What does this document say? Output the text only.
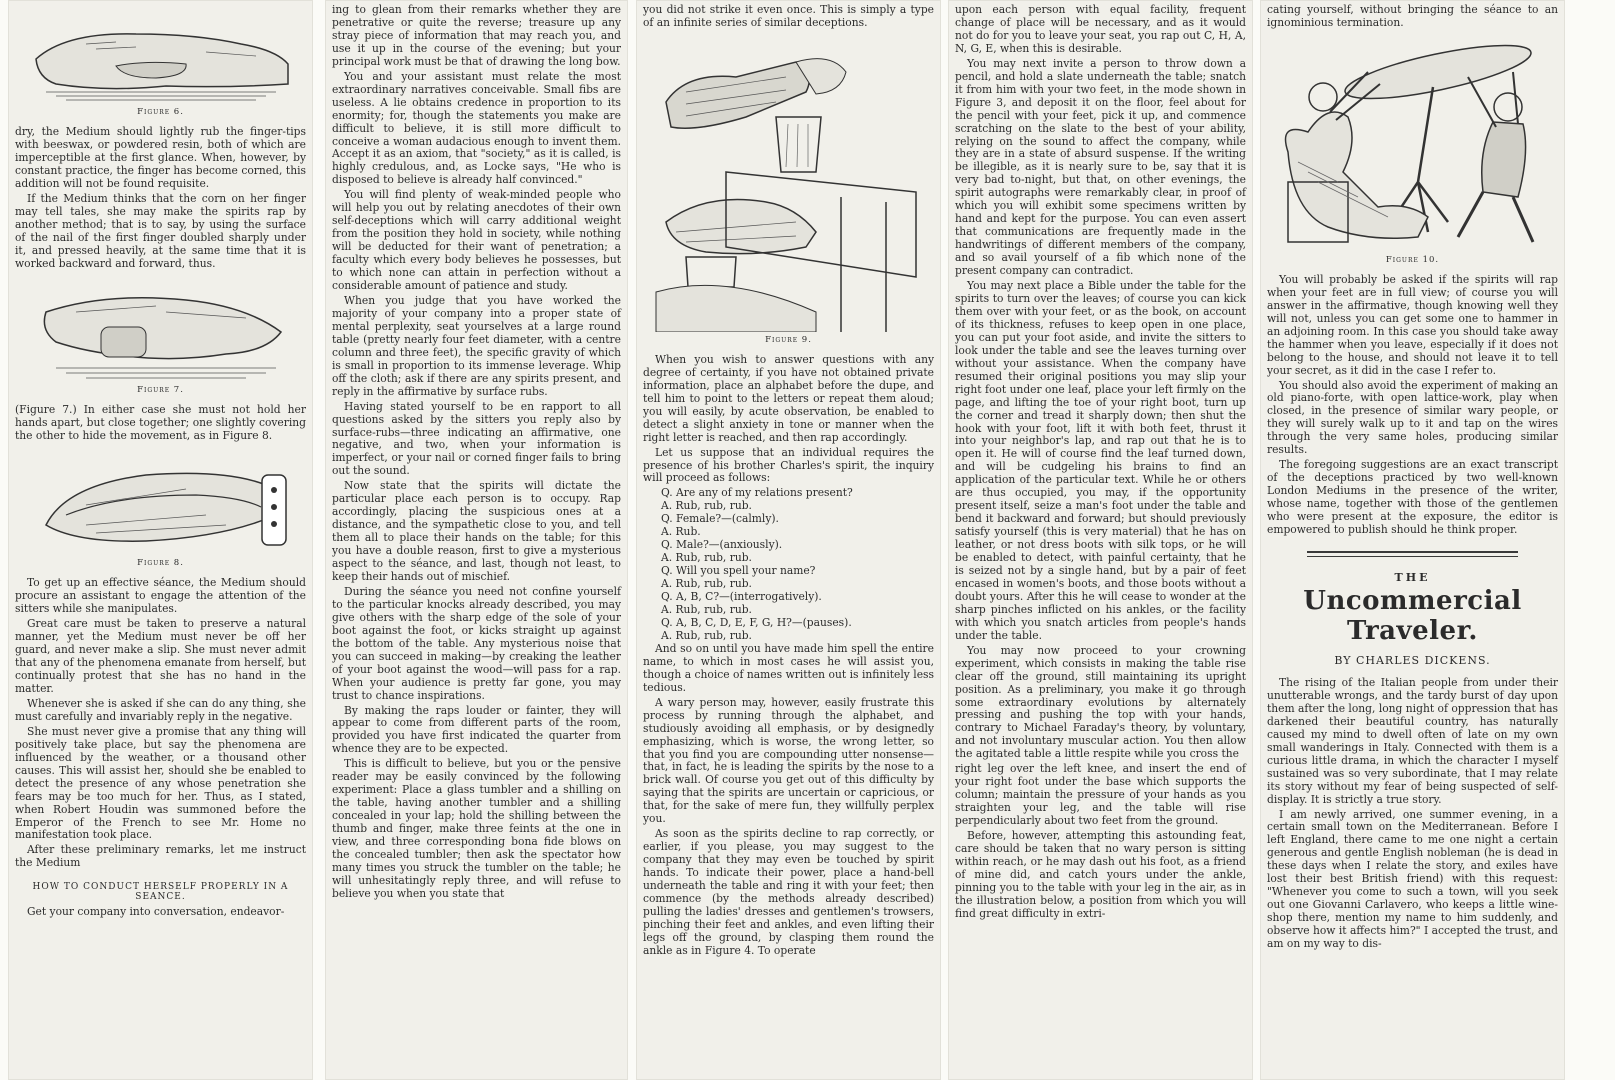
Figure 6.

dry, the Medium should lightly rub the finger-tips with beeswax, or powdered resin, both of which are imperceptible at the first glance. When, however, by constant practice, the finger has become corned, this addition will not be found requisite.

If the Medium thinks that the corn on her finger may tell tales, she may make the spirits rap by another method; that is to say, by using the surface of the nail of the first finger doubled sharply under it, and pressed heavily, at the same time that it is worked backward and forward, thus.

Figure 7.

(Figure 7.) In either case she must not hold her hands apart, but close together; one slightly covering the other to hide the movement, as in Figure 8.

Figure 8.

To get up an effective séance, the Medium should procure an assistant to engage the attention of the sitters while she manipulates.

Great care must be taken to preserve a natural manner, yet the Medium must never be off her guard, and never make a slip. She must never admit that any of the phenomena emanate from herself, but continually protest that she has no hand in the matter.

Whenever she is asked if she can do any thing, she must carefully and invariably reply in the negative.

She must never give a promise that any thing will positively take place, but say the phenomena are influenced by the weather, or a thousand other causes. This will assist her, should she be enabled to detect the presence of any whose penetration she fears may be too much for her. Thus, as I stated, when Robert Houdin was summoned before the Emperor of the French to see Mr. Home no manifestation took place.

After these preliminary remarks, let me instruct the Medium

HOW TO CONDUCT HERSELF PROPERLY IN A SEANCE.

Get your company into conversation, endeavor-

ing to glean from their remarks whether they are penetrative or quite the reverse; treasure up any stray piece of information that may reach you, and use it up in the course of the evening; but your principal work must be that of drawing the long bow.

You and your assistant must relate the most extraordinary narratives conceivable. Small fibs are useless. A lie obtains credence in proportion to its enormity; for, though the statements you make are difficult to believe, it is still more difficult to conceive a woman audacious enough to invent them. Accept it as an axiom, that "society," as it is called, is highly credulous, and, as Locke says, "He who is disposed to believe is already half convinced."

You will find plenty of weak-minded people who will help you out by relating anecdotes of their own self-deceptions which will carry additional weight from the position they hold in society, while nothing will be deducted for their want of penetration; a faculty which every body believes he possesses, but to which none can attain in perfection without a considerable amount of patience and study.

When you judge that you have worked the majority of your company into a proper state of mental perplexity, seat yourselves at a large round table (pretty nearly four feet diameter, with a centre column and three feet), the specific gravity of which is small in proportion to its immense leverage. Whip off the cloth; ask if there are any spirits present, and reply in the affirmative by surface rubs.

Having stated yourself to be en rapport to all questions asked by the sitters you reply also by surface-rubs—three indicating an affirmative, one negative, and two, when your information is imperfect, or your nail or corned finger fails to bring out the sound.

Now state that the spirits will dictate the particular place each person is to occupy. Rap accordingly, placing the suspicious ones at a distance, and the sympathetic close to you, and tell them all to place their hands on the table; for this you have a double reason, first to give a mysterious aspect to the séance, and last, though not least, to keep their hands out of mischief.

During the séance you need not confine yourself to the particular knocks already described, you may give others with the sharp edge of the sole of your boot against the foot, or kicks straight up against the bottom of the table. Any mysterious noise that you can succeed in making—by creaking the leather of your boot against the wood—will pass for a rap. When your audience is pretty far gone, you may trust to chance inspirations.

By making the raps louder or fainter, they will appear to come from different parts of the room, provided you have first indicated the quarter from whence they are to be expected.

This is difficult to believe, but you or the pensive reader may be easily convinced by the following experiment: Place a glass tumbler and a shilling on the table, having another tumbler and a shilling concealed in your lap; hold the shilling between the thumb and finger, make three feints at the one in view, and three corresponding bona fide blows on the concealed tumbler; then ask the spectator how many times you struck the tumbler on the table; he will unhesitatingly reply three, and will refuse to believe you when you state that

you did not strike it even once. This is simply a type of an infinite series of similar deceptions.

Figure 9.

When you wish to answer questions with any degree of certainty, if you have not obtained private information, place an alphabet before the dupe, and tell him to point to the letters or repeat them aloud; you will easily, by acute observation, be enabled to detect a slight anxiety in tone or manner when the right letter is reached, and then rap accordingly.

Let us suppose that an individual requires the presence of his brother Charles's spirit, the inquiry will proceed as follows:

Q. Are any of my relations present?

A. Rub, rub, rub.

Q. Female?—(calmly).

A. Rub.

Q. Male?—(anxiously).

A. Rub, rub, rub.

Q. Will you spell your name?

A. Rub, rub, rub.

Q. A, B, C?—(interrogatively).

A. Rub, rub, rub.

Q. A, B, C, D, E, F, G, H?—(pauses).

A. Rub, rub, rub.

And so on until you have made him spell the entire name, to which in most cases he will assist you, though a choice of names written out is infinitely less tedious.

A wary person may, however, easily frustrate this process by running through the alphabet, and studiously avoiding all emphasis, or by designedly emphasizing, which is worse, the wrong letter, so that you find you are compounding utter nonsense—that, in fact, he is leading the spirits by the nose to a brick wall. Of course you get out of this difficulty by saying that the spirits are uncertain or capricious, or that, for the sake of mere fun, they willfully perplex you.

As soon as the spirits decline to rap correctly, or earlier, if you please, you may suggest to the company that they may even be touched by spirit hands. To indicate their power, place a hand-bell underneath the table and ring it with your feet; then commence (by the methods already described) pulling the ladies' dresses and gentlemen's trowsers, pinching their feet and ankles, and even lifting their legs off the ground, by clasping them round the ankle as in Figure 4. To operate

upon each person with equal facility, frequent change of place will be necessary, and as it would not do for you to leave your seat, you rap out C, H, A, N, G, E, when this is desirable.

You may next invite a person to throw down a pencil, and hold a slate underneath the table; snatch it from him with your two feet, in the mode shown in Figure 3, and deposit it on the floor, feel about for the pencil with your feet, pick it up, and commence scratching on the slate to the best of your ability, relying on the sound to affect the company, while they are in a state of absurd suspense. If the writing be illegible, as it is nearly sure to be, say that it is very bad to-night, but that, on other evenings, the spirit autographs were remarkably clear, in proof of which you will exhibit some specimens written by hand and kept for the purpose. You can even assert that communications are frequently made in the handwritings of different members of the company, and so avail yourself of a fib which none of the present company can contradict.

You may next place a Bible under the table for the spirits to turn over the leaves; of course you can kick them over with your feet, or as the book, on account of its thickness, refuses to keep open in one place, you can put your foot aside, and invite the sitters to look under the table and see the leaves turning over without your assistance. When the company have resumed their original positions you may slip your right foot under one leaf, place your left firmly on the page, and lifting the toe of your right boot, turn up the corner and tread it sharply down; then shut the hook with your foot, lift it with both feet, thrust it into your neighbor's lap, and rap out that he is to open it. He will of course find the leaf turned down, and will be cudgeling his brains to find an application of the particular text. While he or others are thus occupied, you may, if the opportunity present itself, seize a man's foot under the table and bend it backward and forward; but should previously satisfy yourself (this is very material) that he has on leather, or not dress boots with silk tops, or he will be enabled to detect, with painful certainty, that he is seized not by a single hand, but by a pair of feet encased in women's boots, and those boots without a doubt yours. After this he will cease to wonder at the sharp pinches inflicted on his ankles, or the facility with which you snatch articles from people's hands under the table.

You may now proceed to your crowning experiment, which consists in making the table rise clear off the ground, still maintaining its upright position. As a preliminary, you make it go through some extraordinary evolutions by alternately pressing and pushing the top with your hands, contrary to Michael Faraday's theory, by voluntary, and not involuntary muscular action. You then allow the agitated table a little respite while you cross the

right leg over the left knee, and insert the end of your right foot under the base which supports the column; maintain the pressure of your hands as you straighten your leg, and the table will rise perpendicularly about two feet from the ground.

Before, however, attempting this astounding feat, care should be taken that no wary person is sitting within reach, or he may dash out his foot, as a friend of mine did, and catch yours under the ankle, pinning you to the table with your leg in the air, as in the illustration below, a position from which you will find great difficulty in extri-

cating yourself, without bringing the séance to an ignominious termination.

Figure 10.

You will probably be asked if the spirits will rap when your feet are in full view; of course you will answer in the affirmative, though knowing well they will not, unless you can get some one to hammer in an adjoining room. In this case you should take away the hammer when you leave, especially if it does not belong to the house, and should not leave it to tell your secret, as it did in the case I refer to.

You should also avoid the experiment of making an old piano-forte, with open lattice-work, play when closed, in the presence of similar wary people, or they will surely walk up to it and tap on the wires through the very same holes, producing similar results.

The foregoing suggestions are an exact transcript of the deceptions practiced by two well-known London Mediums in the presence of the writer, whose name, together with those of the gentlemen who were present at the exposure, the editor is empowered to publish should he think proper.

THE
Uncommercial Traveler.
BY CHARLES DICKENS.

The rising of the Italian people from under their unutterable wrongs, and the tardy burst of day upon them after the long, long night of oppression that has darkened their beautiful country, has naturally caused my mind to dwell often of late on my own small wanderings in Italy. Connected with them is a curious little drama, in which the character I myself sustained was so very subordinate, that I may relate its story without my fear of being suspected of self-display. It is strictly a true story.

I am newly arrived, one summer evening, in a certain small town on the Mediterranean. Before I left England, there came to me one night a certain generous and gentle English nobleman (he is dead in these days when I relate the story, and exiles have lost their best British friend) with this request: "Whenever you come to such a town, will you seek out one Giovanni Carlavero, who keeps a little wine-shop there, mention my name to him suddenly, and observe how it affects him?" I accepted the trust, and am on my way to dis-
